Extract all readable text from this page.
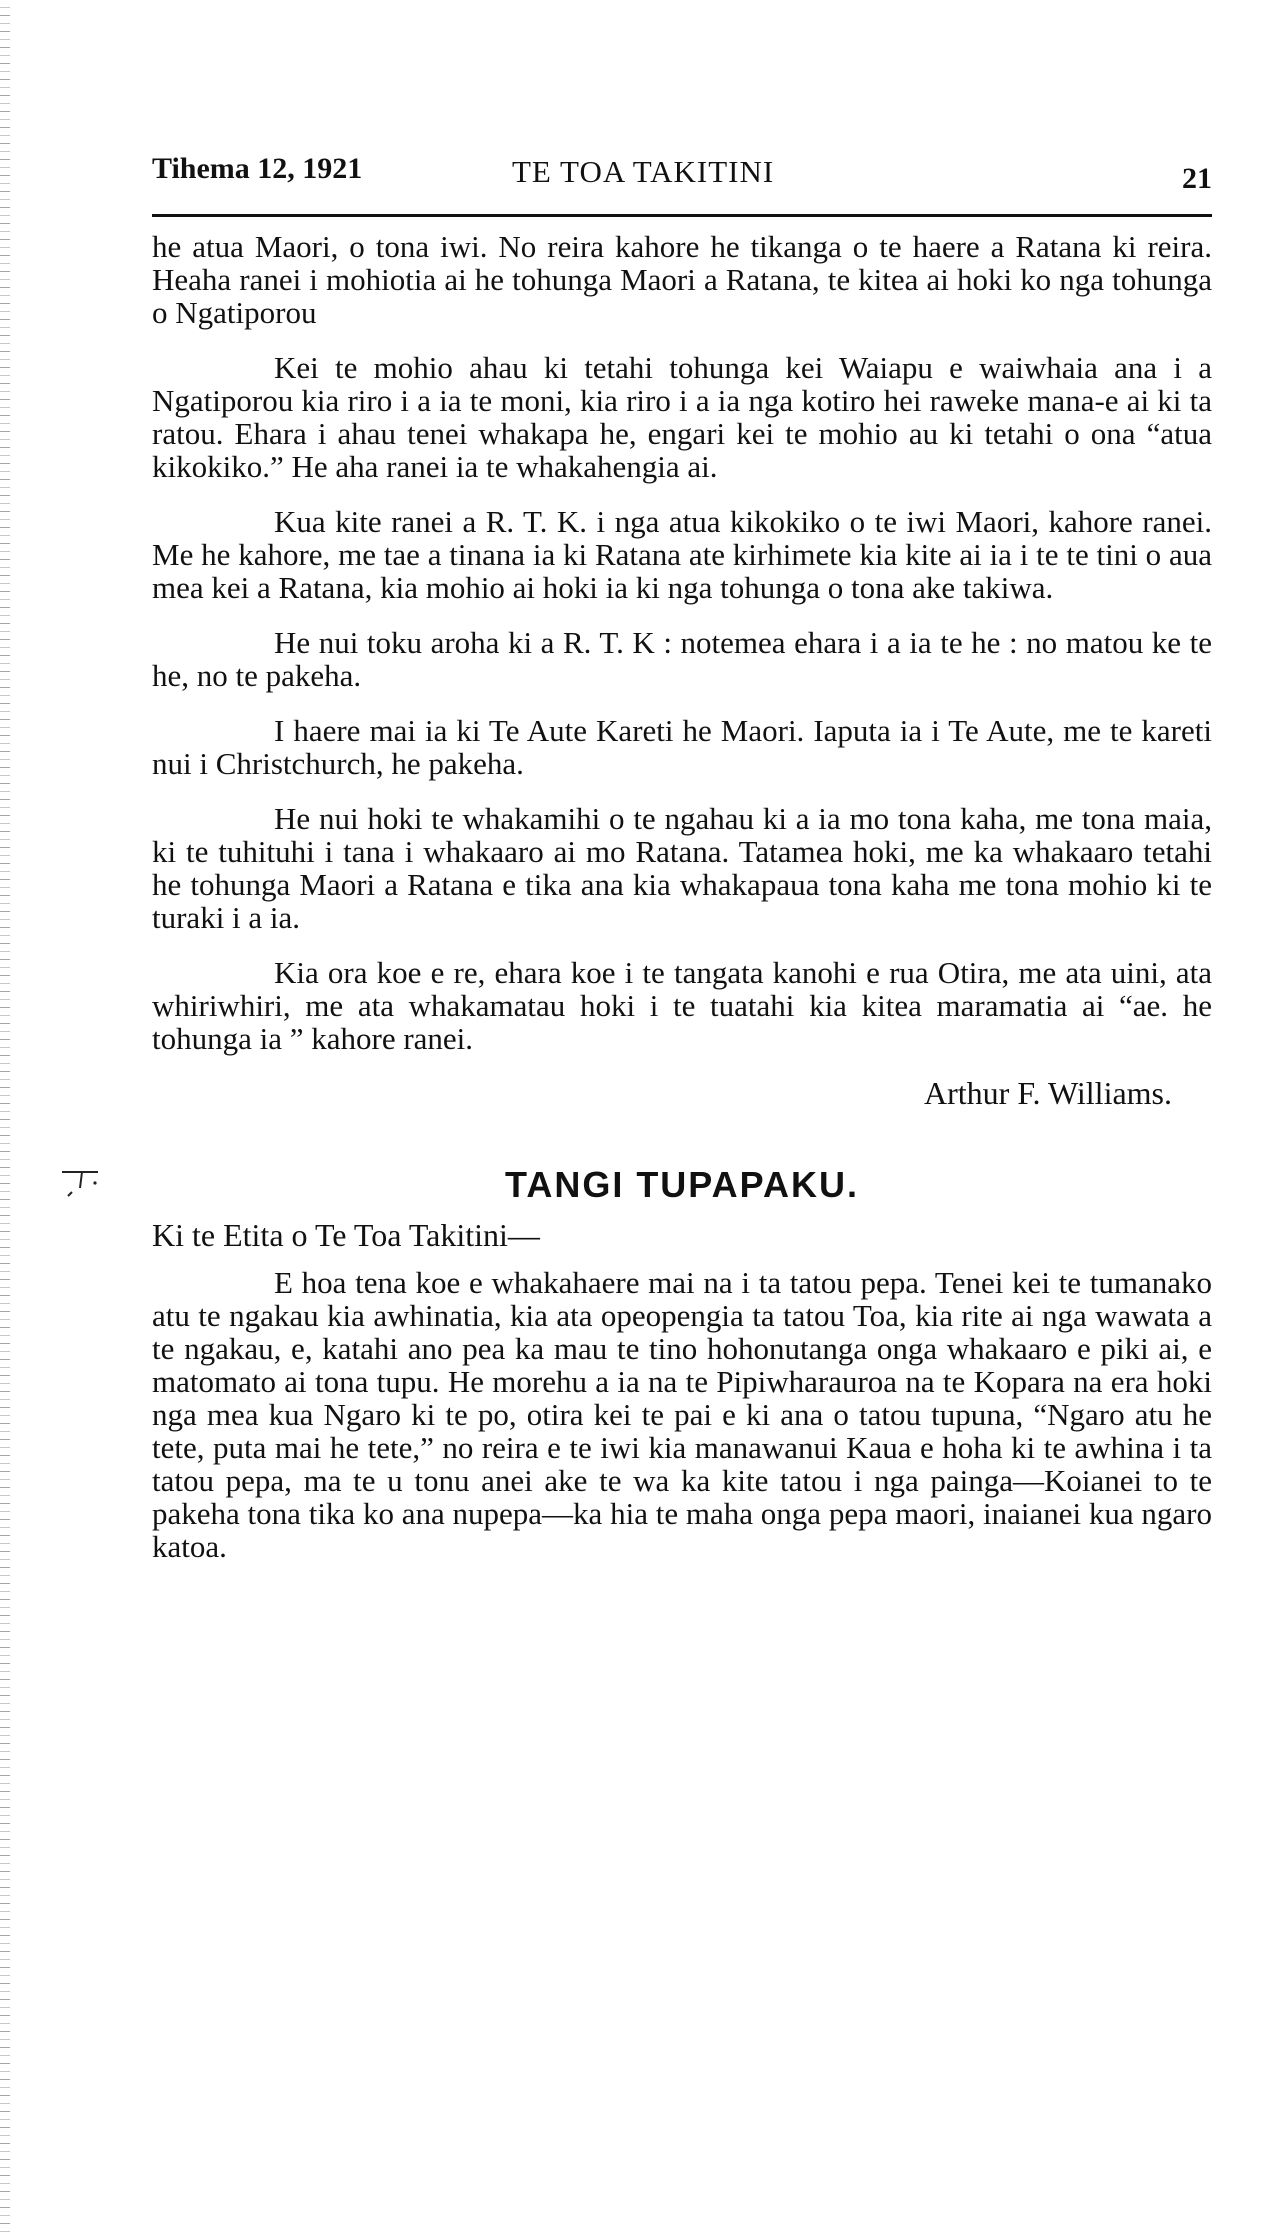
Tihema 12, 1921	TE TOA TAKITINI	21

he atua Maori, o tona iwi. No reira kahore he tikanga o te haere a Ratana ki reira. Heaha ranei i mohiotia ai he tohunga Maori a Ratana, te kitea ai hoki ko nga tohunga o Ngatiporou

Kei te mohio ahau ki tetahi tohunga kei Waiapu e waiwhaia ana i a Ngatiporou kia riro i a ia te moni, kia riro i a ia nga kotiro hei raweke mana-e ai ki ta ratou. Ehara i ahau tenei whakapa he, engari kei te mohio au ki tetahi o ona “atua kikokiko.” He aha ranei ia te whakahengia ai.

Kua kite ranei a R. T. K. i nga atua kikokiko o te iwi Maori, kahore ranei. Me he kahore, me tae a tinana ia ki Ratana ate kirhimete kia kite ai ia i te te tini o aua mea kei a Ratana, kia mohio ai hoki ia ki nga tohunga o tona ake takiwa.

He nui toku aroha ki a R. T. K : notemea ehara i a ia te he : no matou ke te he, no te pakeha.

I haere mai ia ki Te Aute Kareti he Maori. Iaputa ia i Te Aute, me te kareti nui i Christchurch, he pakeha.

He nui hoki te whakamihi o te ngahau ki a ia mo tona kaha, me tona maia, ki te tuhituhi i tana i whakaaro ai mo Ratana. Tatamea hoki, me ka whakaaro tetahi he tohunga Maori a Ratana e tika ana kia whakapaua tona kaha me tona mohio ki te turaki i a ia.

Kia ora koe e re, ehara koe i te tangata kanohi e rua Otira, me ata uini, ata whiriwhiri, me ata whakamatau hoki i te tuatahi kia kitea maramatia ai “ae. he tohunga ia ” kahore ranei.

Arthur F. Williams.
TANGI TUPAPAKU.
Ki te Etita o Te Toa Takitini—

E hoa tena koe e whakahaere mai na i ta tatou pepa. Tenei kei te tumanako atu te ngakau kia awhinatia, kia ata opeopengia ta tatou Toa, kia rite ai nga wawata a te ngakau, e, katahi ano pea ka mau te tino hohonutanga onga whakaaro e piki ai, e matomato ai tona tupu. He morehu a ia na te Pipiwharauroa na te Kopara na era hoki nga mea kua Ngaro ki te po, otira kei te pai e ki ana o tatou tupuna, “Ngaro atu he tete, puta mai he tete,” no reira e te iwi kia manawanui Kaua e hoha ki te awhina i ta tatou pepa, ma te u tonu anei ake te wa ka kite tatou i nga painga—Koianei to te pakeha tona tika ko ana nupepa—ka hia te maha onga pepa maori, inaianei kua ngaro katoa.
